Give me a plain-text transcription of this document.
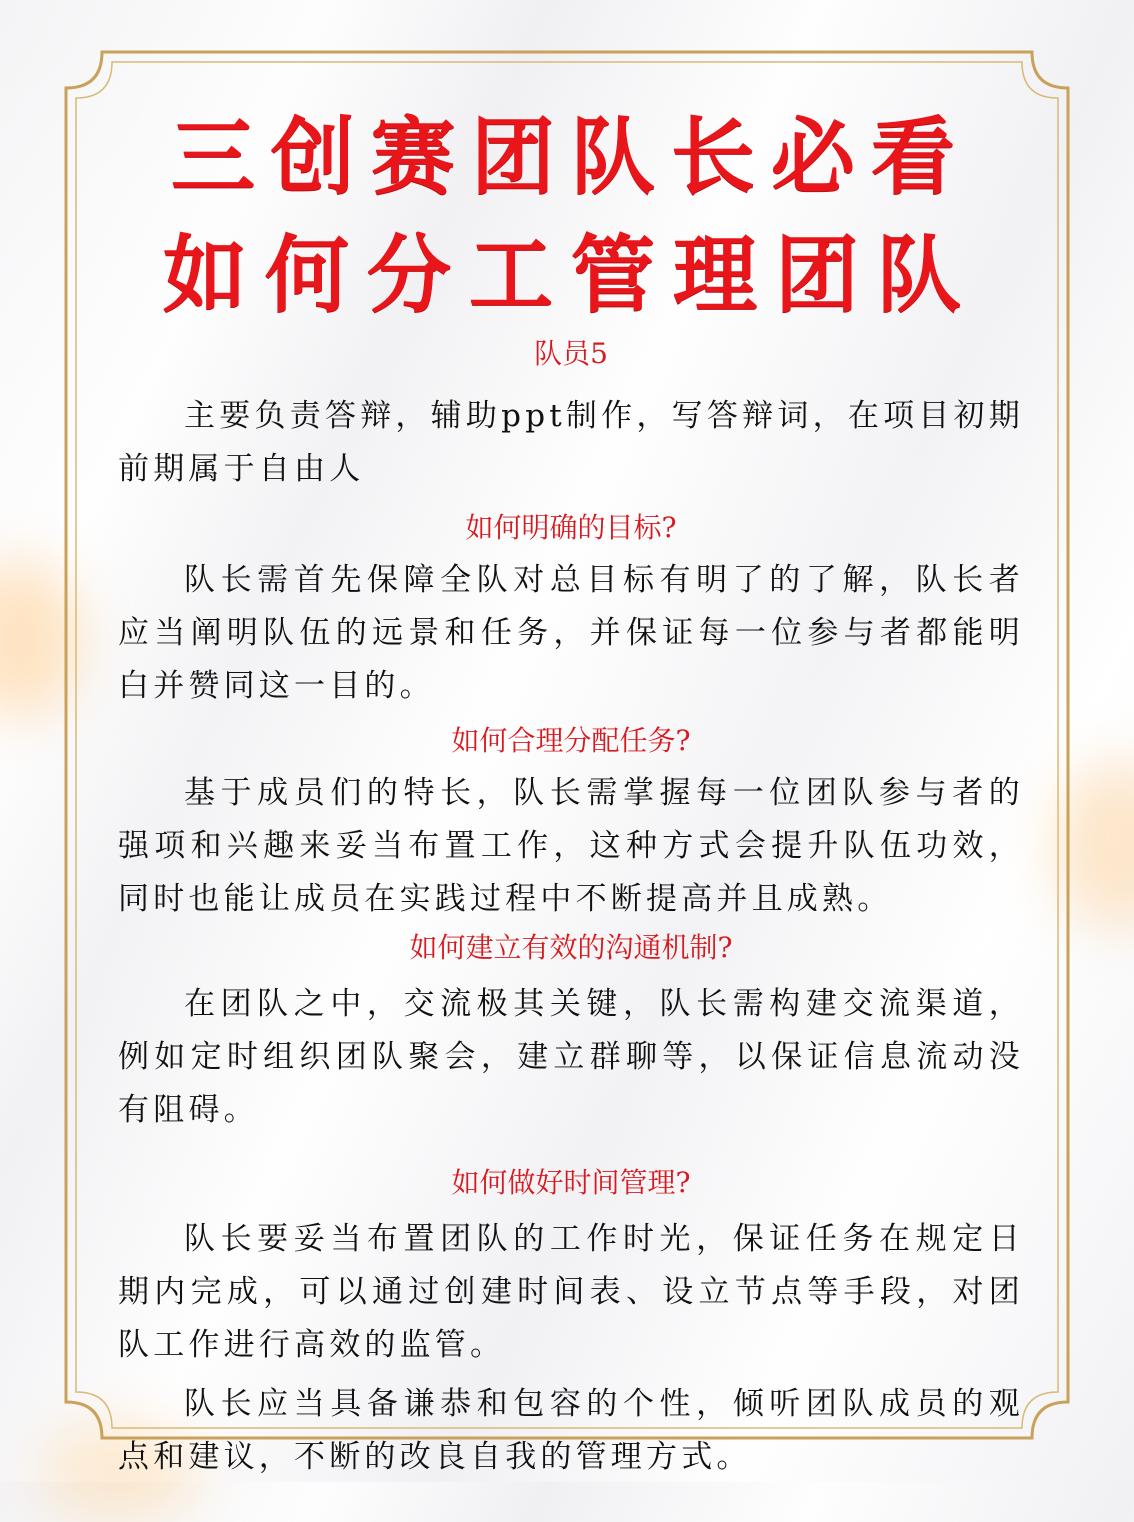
三创赛团队长必看
如何分工管理团队
队员5

主要负责答辩，辅助ppt制作，写答辩词，在项目初期前期属于自由人

如何明确的目标?

队长需首先保障全队对总目标有明了的了解，队长者应当阐明队伍的远景和任务，并保证每一位参与者都能明白并赞同这一目的。

如何合理分配任务?

基于成员们的特长，队长需掌握每一位团队参与者的强项和兴趣来妥当布置工作，这种方式会提升队伍功效，同时也能让成员在实践过程中不断提高并且成熟。

如何建立有效的沟通机制?

在团队之中，交流极其关键，队长需构建交流渠道，例如定时组织团队聚会，建立群聊等，以保证信息流动没有阻碍。

如何做好时间管理?

队长要妥当布置团队的工作时光，保证任务在规定日期内完成，可以通过创建时间表、设立节点等手段，对团队工作进行高效的监管。

队长应当具备谦恭和包容的个性，倾听团队成员的观点和建议，不断的改良自我的管理方式。
